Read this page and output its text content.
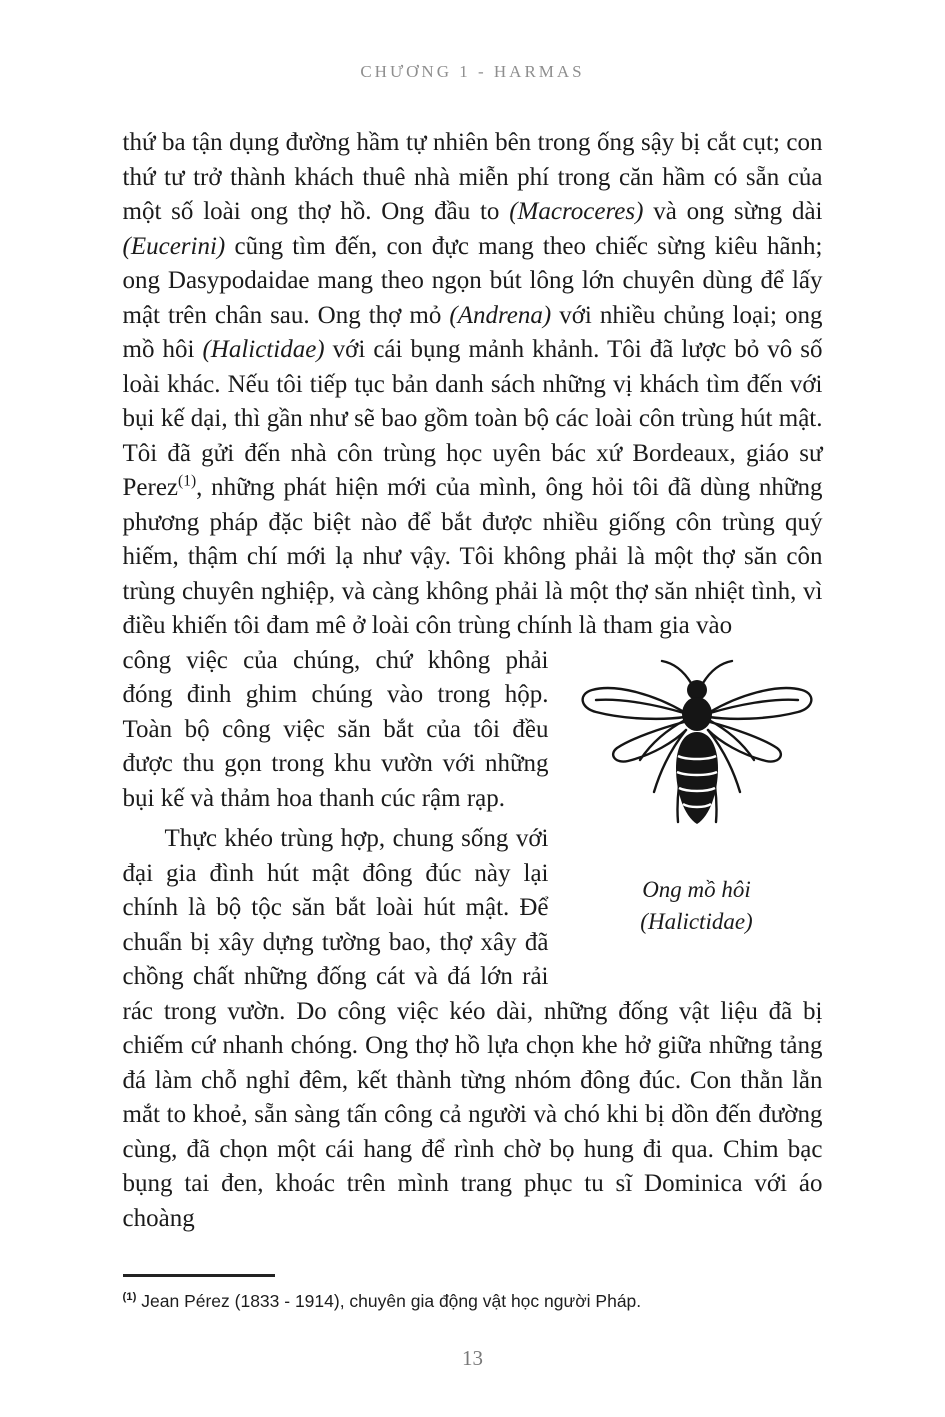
CHƯƠNG 1 - HARMAS

thứ ba tận dụng đường hầm tự nhiên bên trong ống sậy bị cắt cụt; con thứ tư trở thành khách thuê nhà miễn phí trong căn hầm có sẵn của một số loài ong thợ hồ. Ong đầu to (Macroceres) và ong sừng dài (Eucerini) cũng tìm đến, con đực mang theo chiếc sừng kiêu hãnh; ong Dasypodaidae mang theo ngọn bút lông lớn chuyên dùng để lấy mật trên chân sau. Ong thợ mỏ (Andrena) với nhiều chủng loại; ong mồ hôi (Halictidae) với cái bụng mảnh khảnh. Tôi đã lược bỏ vô số loài khác. Nếu tôi tiếp tục bản danh sách những vị khách tìm đến với bụi kế dại, thì gần như sẽ bao gồm toàn bộ các loài côn trùng hút mật. Tôi đã gửi đến nhà côn trùng học uyên bác xứ Bordeaux, giáo sư Perez$^{(1)}$, những phát hiện mới của mình, ông hỏi tôi đã dùng những phương pháp đặc biệt nào để bắt được nhiều giống côn trùng quý hiếm, thậm chí mới lạ như vậy. Tôi không phải là một thợ săn côn trùng chuyên nghiệp, và càng không phải là một thợ săn nhiệt tình, vì điều khiến tôi đam mê ở loài côn trùng chính là tham gia vào

Ong mồ hôi
(Halictidae)

công việc của chúng, chứ không phải đóng đinh ghim chúng vào trong hộp. Toàn bộ công việc săn bắt của tôi đều được thu gọn trong khu vườn với những bụi kế và thảm hoa thanh cúc rậm rạp.

Thực khéo trùng hợp, chung sống với đại gia đình hút mật đông đúc này lại chính là bộ tộc săn bắt loài hút mật. Để chuẩn bị xây dựng tường bao, thợ xây đã chồng chất những đống cát và đá lớn rải rác trong vườn. Do công việc kéo dài, những đống vật liệu đã bị chiếm cứ nhanh chóng. Ong thợ hồ lựa chọn khe hở giữa những tảng đá làm chỗ nghỉ đêm, kết thành từng nhóm đông đúc. Con thằn lằn mắt to khoẻ, sẵn sàng tấn công cả người và chó khi bị dồn đến đường cùng, đã chọn một cái hang để rình chờ bọ hung đi qua. Chim bạc bụng tai đen, khoác trên mình trang phục tu sĩ Dominica với áo choàng

$^{(1)}$ Jean Pérez (1833 - 1914), chuyên gia động vật học người Pháp.
13
